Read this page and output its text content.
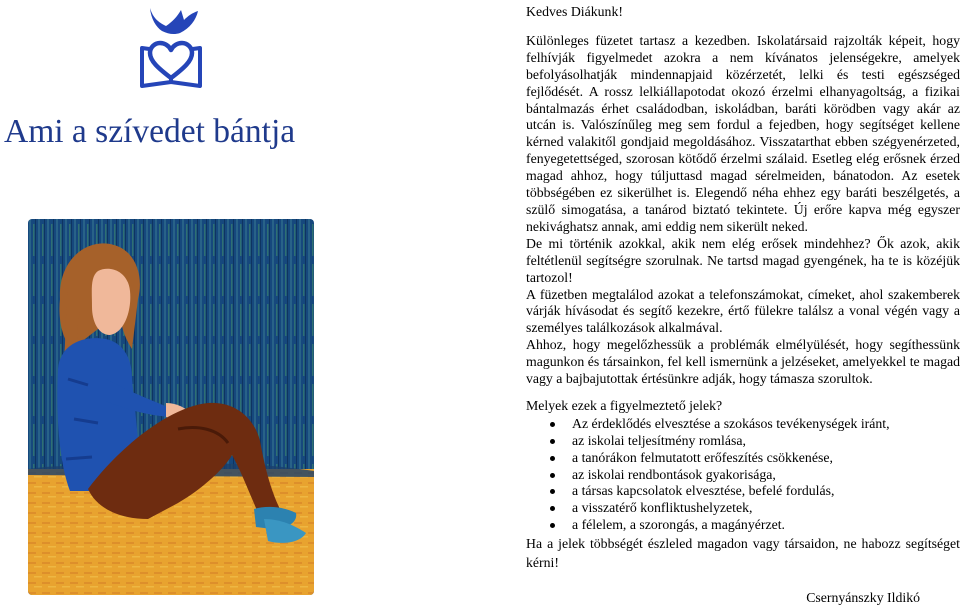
Ami a szívedet bántja

Kedves Diákunk!

Különleges füzetet tartasz a kezedben. Iskolatársaid rajzolták képeit, hogy felhívják figyelmedet azokra a nem kívánatos jelenségekre, amelyek befolyásolhatják mindennapjaid közérzetét, lelki és testi egészséged fejlődését. A rossz lelkiállapotodat okozó érzelmi elhanyagoltság, a fizikai bántalmazás érhet családodban, iskoládban, baráti körödben vagy akár az utcán is. Valószínűleg meg sem fordul a fejedben, hogy segítséget kellene kérned valakitől gondjaid megoldásához. Visszatarthat ebben szégyenérzeted, fenyegetettséged, szorosan kötődő érzelmi szálaid. Esetleg elég erősnek érzed magad ahhoz, hogy túljuttasd magad sérelmeiden, bánatodon. Az esetek többségében ez sikerülhet is. Elegendő néha ehhez egy baráti beszélgetés, a szülő simogatása, a tanárod biztató tekintete. Új erőre kapva még egyszer nekivághatsz annak, ami eddig nem sikerült neked.

De mi történik azokkal, akik nem elég erősek mindehhez? Ők azok, akik feltétlenül segítségre szorulnak. Ne tartsd magad gyengének, ha te is közéjük tartozol!

A füzetben megtalálod azokat a telefonszámokat, címeket, ahol szakemberek várják hívásodat és segítő kezekre, értő fülekre találsz a vonal végén vagy a személyes találkozások alkalmával.

Ahhoz, hogy megelőzhessük a problémák elmélyülését, hogy segíthessünk magunkon és társainkon, fel kell ismernünk a jelzéseket, amelyekkel te magad vagy a bajbajutottak értésünkre adják, hogy támasza szorultok.

Melyek ezek a figyelmeztető jelek?

Az érdeklődés elvesztése a szokásos tevékenységek iránt,
az iskolai teljesítmény romlása,
a tanórákon felmutatott erőfeszítés csökkenése,
az iskolai rendbontások gyakorisága,
a társas kapcsolatok elvesztése, befelé fordulás,
a visszatérő konfliktushelyzetek,
a félelem, a szorongás, a magányérzet.

Ha a jelek többségét észleled magadon vagy társaidon, ne habozz segítséget kérni!

Csernyánszky Ildikó
